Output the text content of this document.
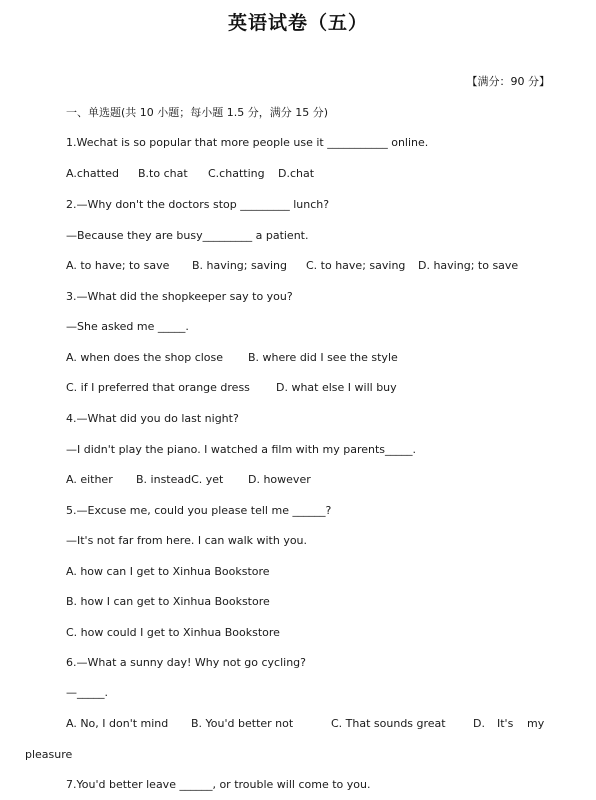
英语试卷（五）
【满分：90 分】
一、单选题(共 10 小题；每小题 1.5 分，满分 15 分)
1.Wechat is so popular that more people use it ___________ online.
A.chatted B.to chat C.chatting D.chat
2.—Why don't the doctors stop _________ lunch?
—Because they are busy_________ a patient.
A. to have; to save B. having; saving C. to have; saving D. having; to save
3.—What did the shopkeeper say to you?
—She asked me _____.
A. when does the shop close B. where did I see the style
C. if I preferred that orange dress D. what else I will buy
4.—What did you do last night?
—I didn't play the piano. I watched a film with my parents_____.
A. either B. insteadC. yet D. however
5.—Excuse me, could you please tell me ______?
—It's not far from here. I can walk with you.
A. how can I get to Xinhua Bookstore
B. how I can get to Xinhua Bookstore
C. how could I get to Xinhua Bookstore
6.—What a sunny day! Why not go cycling?
—_____.
A. No, I don't mind B. You'd better not	C. That sounds great D. It's my
pleasure
7.You'd better leave ______, or trouble will come to you.
